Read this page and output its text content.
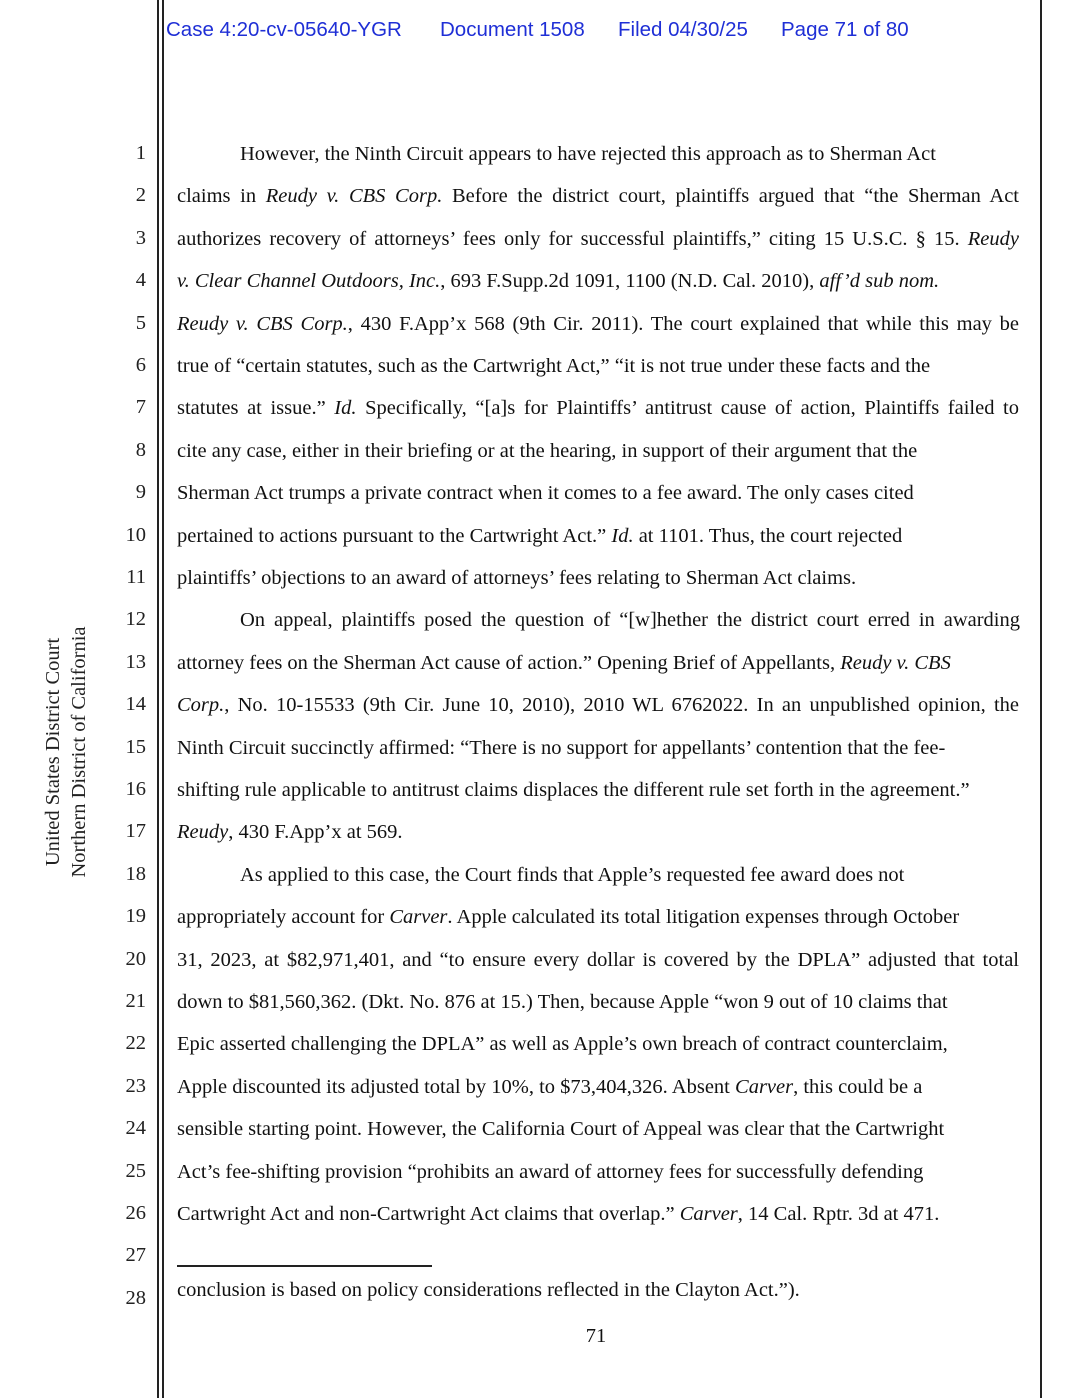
Case 4:20-cv-05640-YGR Document 1508 Filed 04/30/25 Page 71 of 80
United States District Court Northern District of California
1
2
3
4
5
6
7
8
9
10
11
12
13
14
15
16
17
18
19
20
21
22
23
24
25
26
27
28
However, the Ninth Circuit appears to have rejected this approach as to Sherman Act
claims in Reudy v. CBS Corp. Before the district court, plaintiffs argued that “the Sherman Act
authorizes recovery of attorneys’ fees only for successful plaintiffs,” citing 15 U.S.C. § 15. Reudy
v. Clear Channel Outdoors, Inc., 693 F.Supp.2d 1091, 1100 (N.D. Cal. 2010), aff’d sub nom.
Reudy v. CBS Corp., 430 F.App’x 568 (9th Cir. 2011). The court explained that while this may be
true of “certain statutes, such as the Cartwright Act,” “it is not true under these facts and the
statutes at issue.” Id. Specifically, “[a]s for Plaintiffs’ antitrust cause of action, Plaintiffs failed to
cite any case, either in their briefing or at the hearing, in support of their argument that the
Sherman Act trumps a private contract when it comes to a fee award. The only cases cited
pertained to actions pursuant to the Cartwright Act.” Id. at 1101. Thus, the court rejected
plaintiffs’ objections to an award of attorneys’ fees relating to Sherman Act claims.
On appeal, plaintiffs posed the question of “[w]hether the district court erred in awarding
attorney fees on the Sherman Act cause of action.” Opening Brief of Appellants, Reudy v. CBS
Corp., No. 10-15533 (9th Cir. June 10, 2010), 2010 WL 6762022. In an unpublished opinion, the
Ninth Circuit succinctly affirmed: “There is no support for appellants’ contention that the fee-
shifting rule applicable to antitrust claims displaces the different rule set forth in the agreement.”
Reudy, 430 F.App’x at 569.
As applied to this case, the Court finds that Apple’s requested fee award does not
appropriately account for Carver. Apple calculated its total litigation expenses through October
31, 2023, at $82,971,401, and “to ensure every dollar is covered by the DPLA” adjusted that total
down to $81,560,362. (Dkt. No. 876 at 15.) Then, because Apple “won 9 out of 10 claims that
Epic asserted challenging the DPLA” as well as Apple’s own breach of contract counterclaim,
Apple discounted its adjusted total by 10%, to $73,404,326. Absent Carver, this could be a
sensible starting point. However, the California Court of Appeal was clear that the Cartwright
Act’s fee-shifting provision “prohibits an award of attorney fees for successfully defending
Cartwright Act and non-Cartwright Act claims that overlap.” Carver, 14 Cal. Rptr. 3d at 471.
conclusion is based on policy considerations reflected in the Clayton Act.”).
71
